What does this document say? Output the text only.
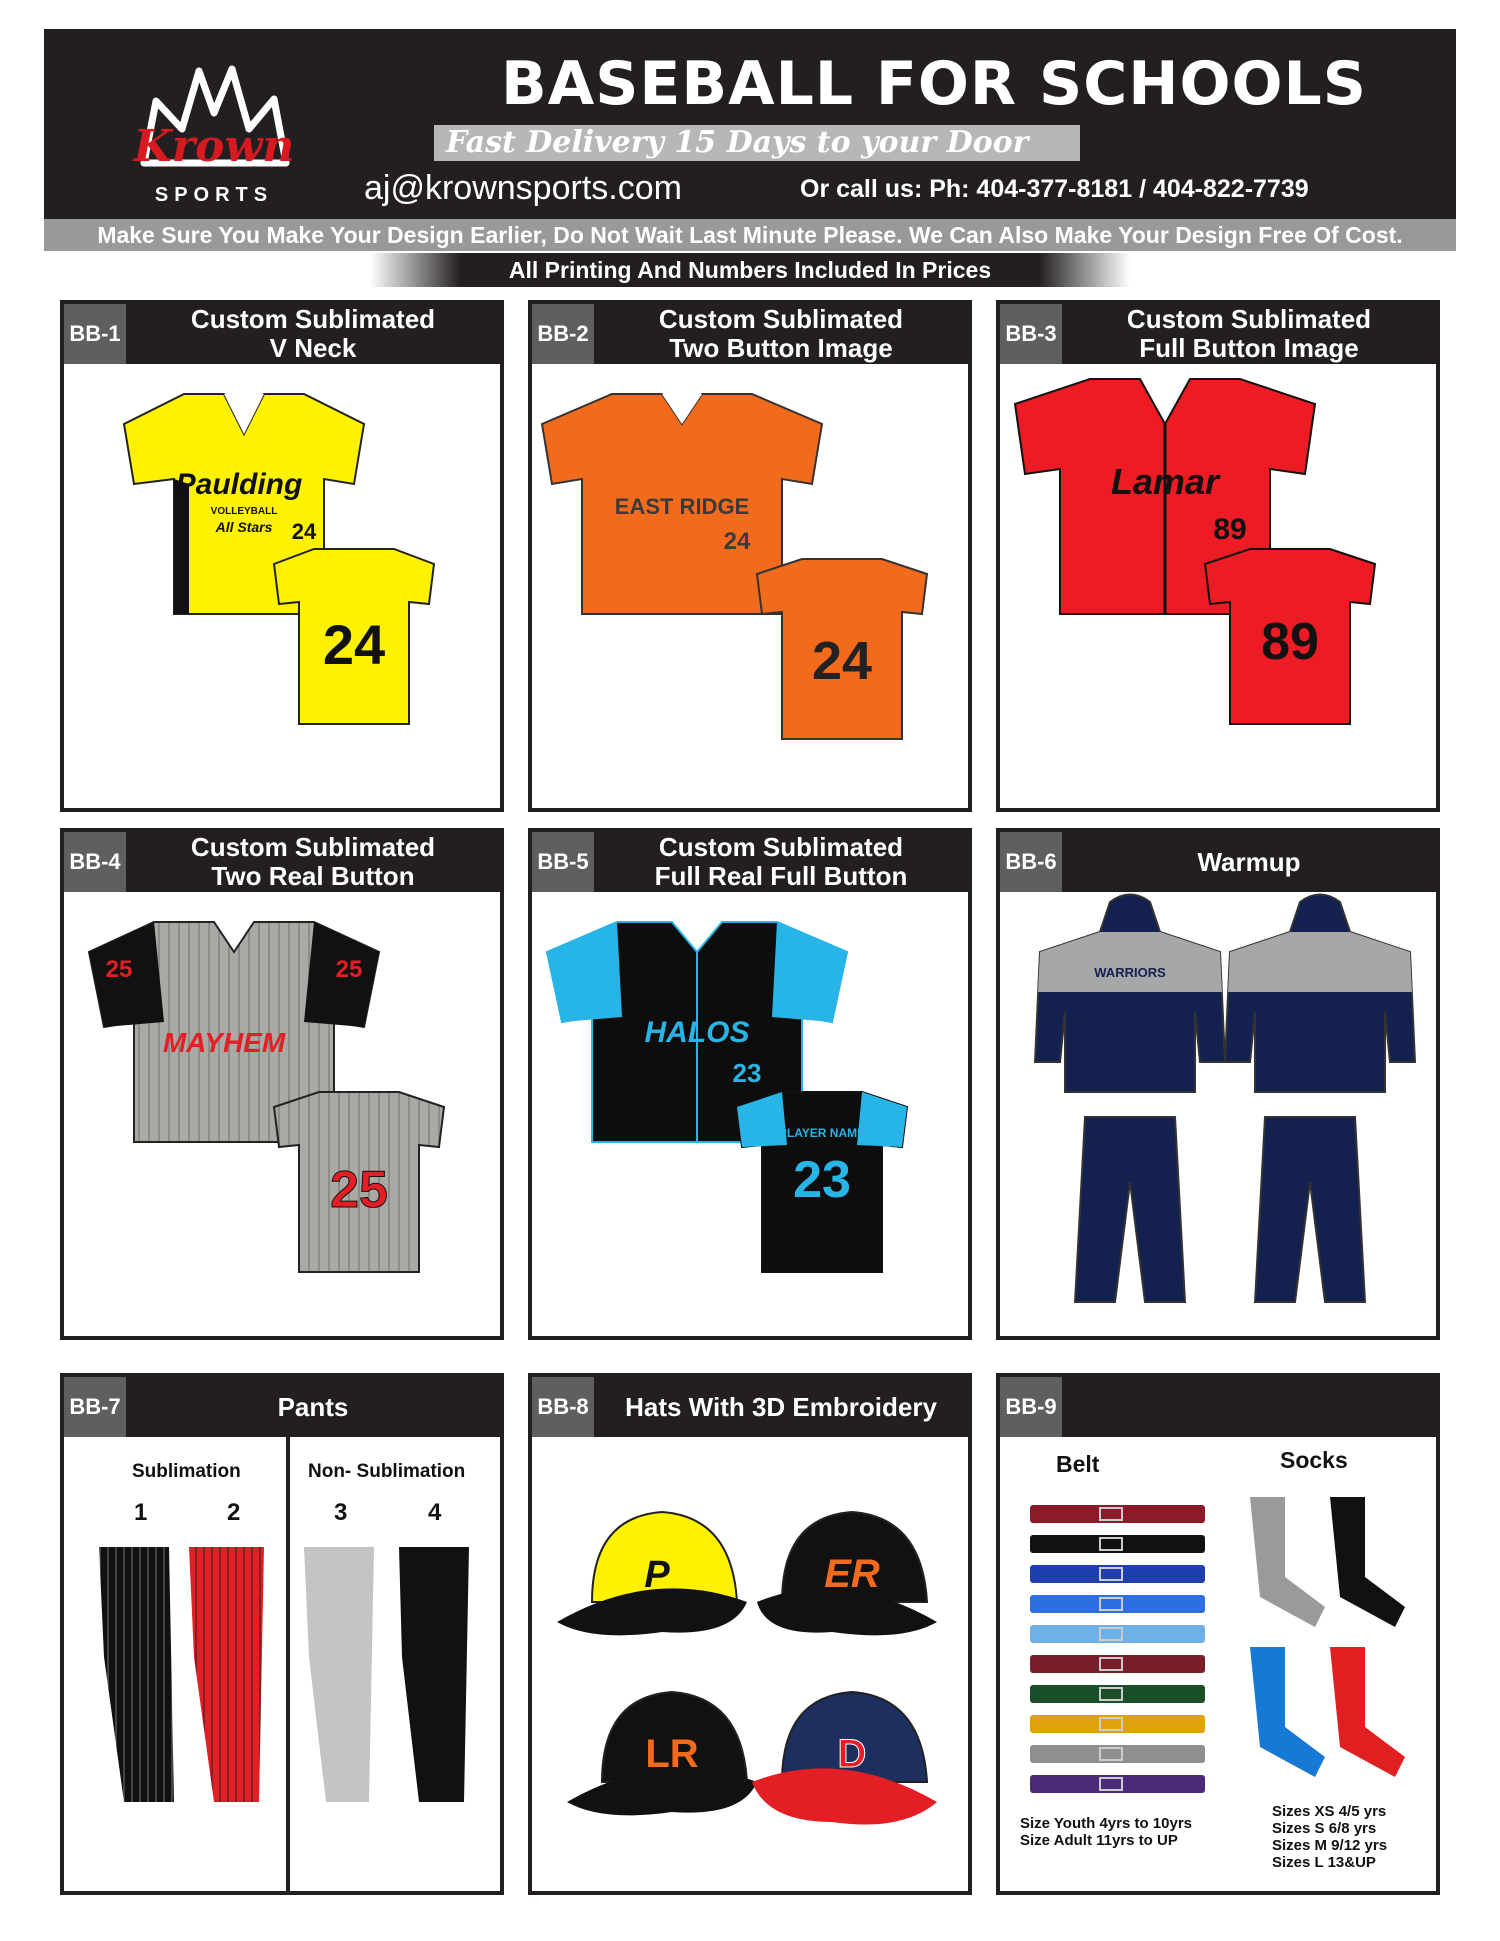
Krown
SPORTS
BASEBALL FOR SCHOOLS
Fast Delivery 15 Days to your Door
aj@krownsports.com	Or call us: Ph: 404-377-8181 / 404-822-7739
Make Sure You Make Your Design Earlier, Do Not Wait Last Minute Please. We Can Also Make Your Design Free Of Cost.
All Printing And Numbers Included In Prices
BB-1	Custom Sublimated
V Neck
Paulding
VOLLEYBALL
All Stars 24
24
BB-2	Custom Sublimated
Two Button Image
EAST RIDGE
24
24
BB-3	Custom Sublimated
Full Button Image
Lamar
89
89
BB-4	Custom Sublimated
Two Real Button
25	25
MAYHEM
25
BB-5	Custom Sublimated
Full Real Full Button
HALOS
23
PLAYER NAME
23
BB-6	Warmup
WARRIORS
BB-7	Pants
Sublimation	Non- Sublimation
1	2	3	4
BB-8 Hats With 3D Embroidery
P	ER
LR	D
BB-9
Belt	Socks
Size Youth 4yrs to 10yrs
Size Adult 11yrs to UP
Sizes XS 4/5 yrs
Sizes S 6/8 yrs
Sizes M 9/12 yrs
Sizes L 13&UP
